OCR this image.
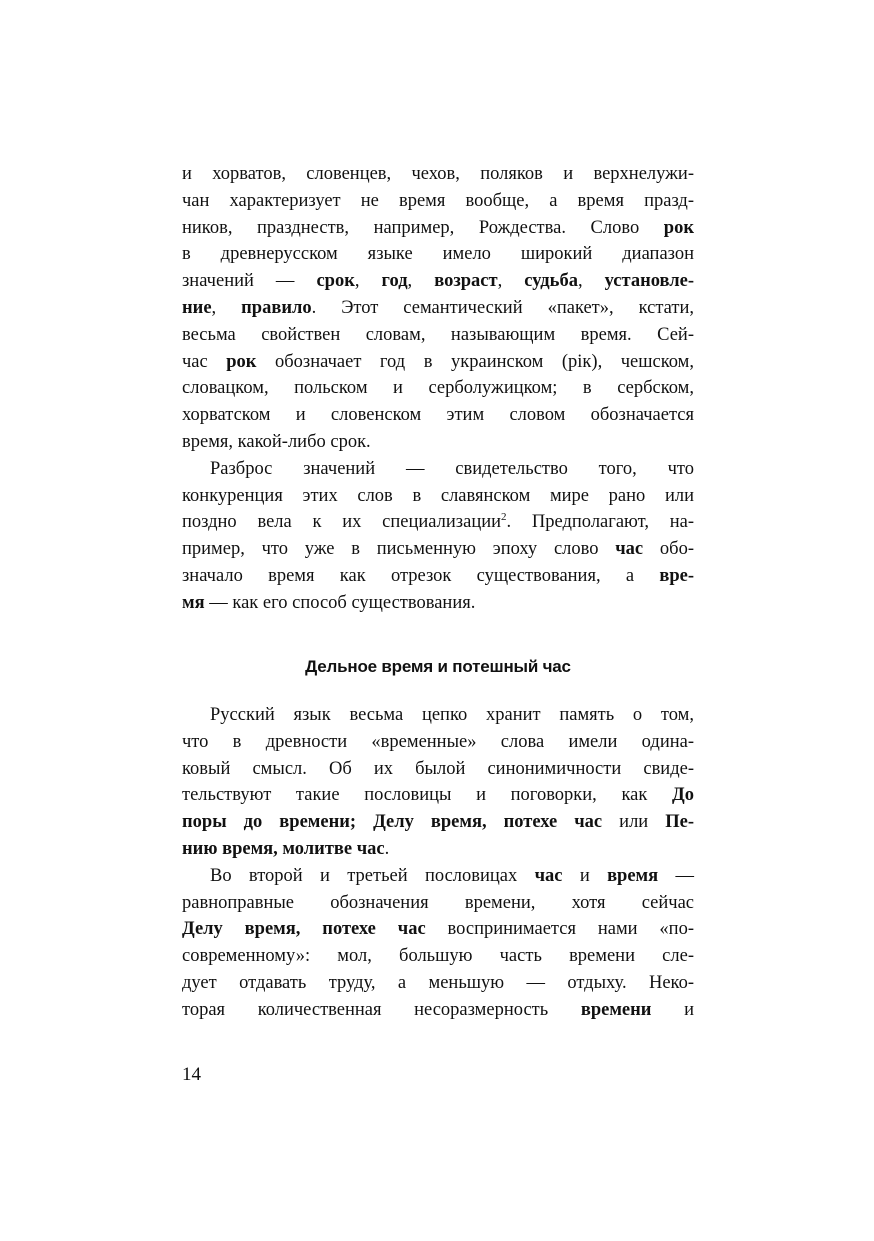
и хорватов, словенцев, чехов, поляков и верхнелужи-
чан характеризует не время вообще, а время празд-
ников, празднеств, например, Рождества. Слово рок
в древнерусском языке имело широкий диапазон
значений — срок, год, возраст, судьба, установле-
ние, правило. Этот семантический «пакет», кстати,
весьма свойствен словам, называющим время. Сей-
час рок обозначает год в украинском (рік), чешском,
словацком, польском и серболужицком; в сербском,
хорватском и словенском этим словом обозначается
время, какой-либо срок.
Разброс значений — свидетельство того, что
конкуренция этих слов в славянском мире рано или
поздно вела к их специализации$^2$. Предполагают, на-
пример, что уже в письменную эпоху слово час обо-
значало время как отрезок существования, а вре-
мя — как его способ существования.
Дельное время и потешный час
Русский язык весьма цепко хранит память о том,
что в древности «временные» слова имели одина-
ковый смысл. Об их былой синонимичности свиде-
тельствуют такие пословицы и поговорки, как До
поры до времени; Делу время, потехе час или Пе-
нию время, молитве час.
Во второй и третьей пословицах час и время —
равноправные обозначения времени, хотя сейчас
Делу время, потехе час воспринимается нами «по-
современному»: мол, большую часть времени сле-
дует отдавать труду, а меньшую — отдыху. Неко-
торая количественная несоразмерность времени и
14
